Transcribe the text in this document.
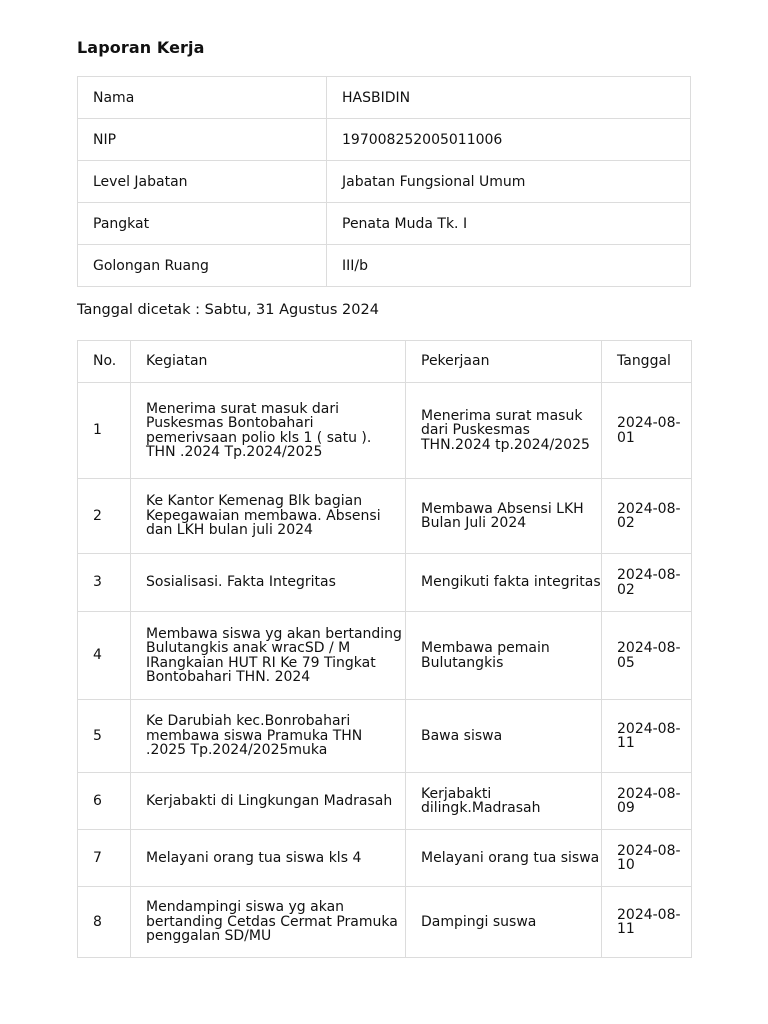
Laporan Kerja
Nama	HASBIDIN
NIP	197008252005011006
Level Jabatan	Jabatan Fungsional Umum
Pangkat	Penata Muda Tk. I
Golongan Ruang	III/b

Tanggal dicetak : Sabtu, 31 Agustus 2024

No.	Kegiatan	Pekerjaan	Tanggal
1	Menerima surat masuk dari Puskesmas Bontobahari pemerivsaan polio kls 1 ( satu ). THN .2024 Tp.2024/2025	Menerima surat masuk dari Puskesmas THN.2024 tp.2024/2025	2024-08-01
2	Ke Kantor Kemenag Blk bagian Kepegawaian membawa. Absensi dan LKH bulan juli 2024	Membawa Absensi LKH Bulan Juli 2024	2024-08-02
3	Sosialisasi. Fakta Integritas	Mengikuti fakta integritas	2024-08-02
4	Membawa siswa yg akan bertanding Bulutangkis anak wracSD / M IRangkaian HUT RI Ke 79 Tingkat Bontobahari THN. 2024	Membawa pemain Bulutangkis	2024-08-05
5	Ke Darubiah kec.Bonrobahari membawa siswa Pramuka THN .2025 Tp.2024/2025muka	Bawa siswa	2024-08-11
6	Kerjabakti di Lingkungan Madrasah	Kerjabakti dilingk.Madrasah	2024-08-09
7	Melayani orang tua siswa kls 4	Melayani orang tua siswa	2024-08-10
8	Mendampingi siswa yg akan bertanding Cetdas Cermat Pramuka penggalan SD/MU	Dampingi suswa	2024-08-11
